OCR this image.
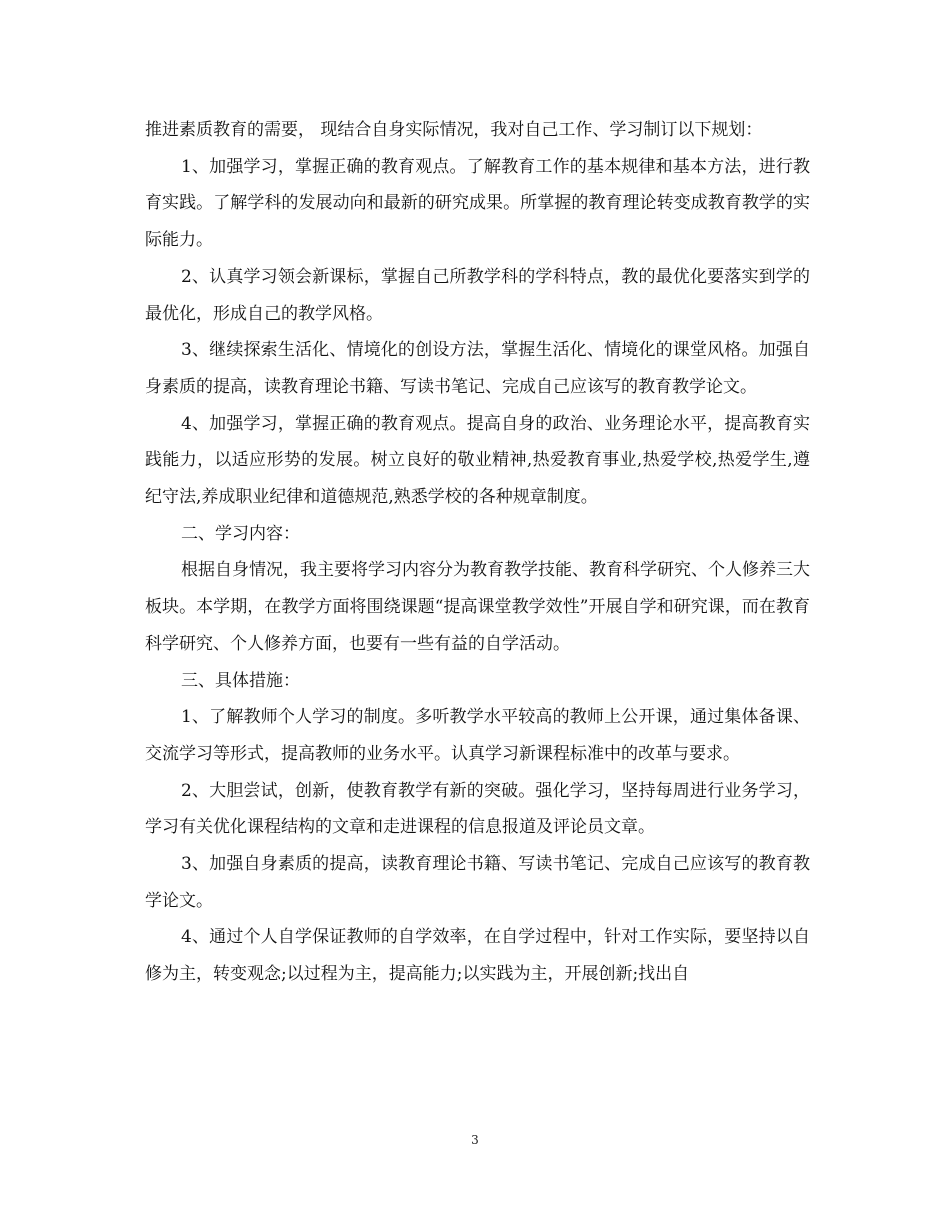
推进素质教育的需要， 现结合自身实际情况，我对自己工作、学习制订以下规划：

1、加强学习，掌握正确的教育观点。了解教育工作的基本规律和基本方法，进行教育实践。了解学科的发展动向和最新的研究成果。所掌握的教育理论转变成教育教学的实际能力。

2、认真学习领会新课标，掌握自己所教学科的学科特点，教的最优化要落实到学的最优化，形成自己的教学风格。

3、继续探索生活化、情境化的创设方法，掌握生活化、情境化的课堂风格。加强自身素质的提高，读教育理论书籍、写读书笔记、完成自己应该写的教育教学论文。

4、加强学习，掌握正确的教育观点。提高自身的政治、业务理论水平，提高教育实践能力，以适应形势的发展。树立良好的敬业精神,热爱教育事业,热爱学校,热爱学生,遵纪守法,养成职业纪律和道德规范,熟悉学校的各种规章制度。

二、学习内容：

根据自身情况，我主要将学习内容分为教育教学技能、教育科学研究、个人修养三大板块。本学期，在教学方面将围绕课题“提高课堂教学效性”开展自学和研究课，而在教育科学研究、个人修养方面，也要有一些有益的自学活动。

三、具体措施：

1、了解教师个人学习的制度。多听教学水平较高的教师上公开课，通过集体备课、交流学习等形式，提高教师的业务水平。认真学习新课程标准中的改革与要求。

2、大胆尝试，创新，使教育教学有新的突破。强化学习，坚持每周进行业务学习，学习有关优化课程结构的文章和走进课程的信息报道及评论员文章。

3、加强自身素质的提高，读教育理论书籍、写读书笔记、完成自己应该写的教育教学论文。

4、通过个人自学保证教师的自学效率，在自学过程中，针对工作实际，要坚持以自修为主，转变观念;以过程为主，提高能力;以实践为主，开展创新;找出自

3
